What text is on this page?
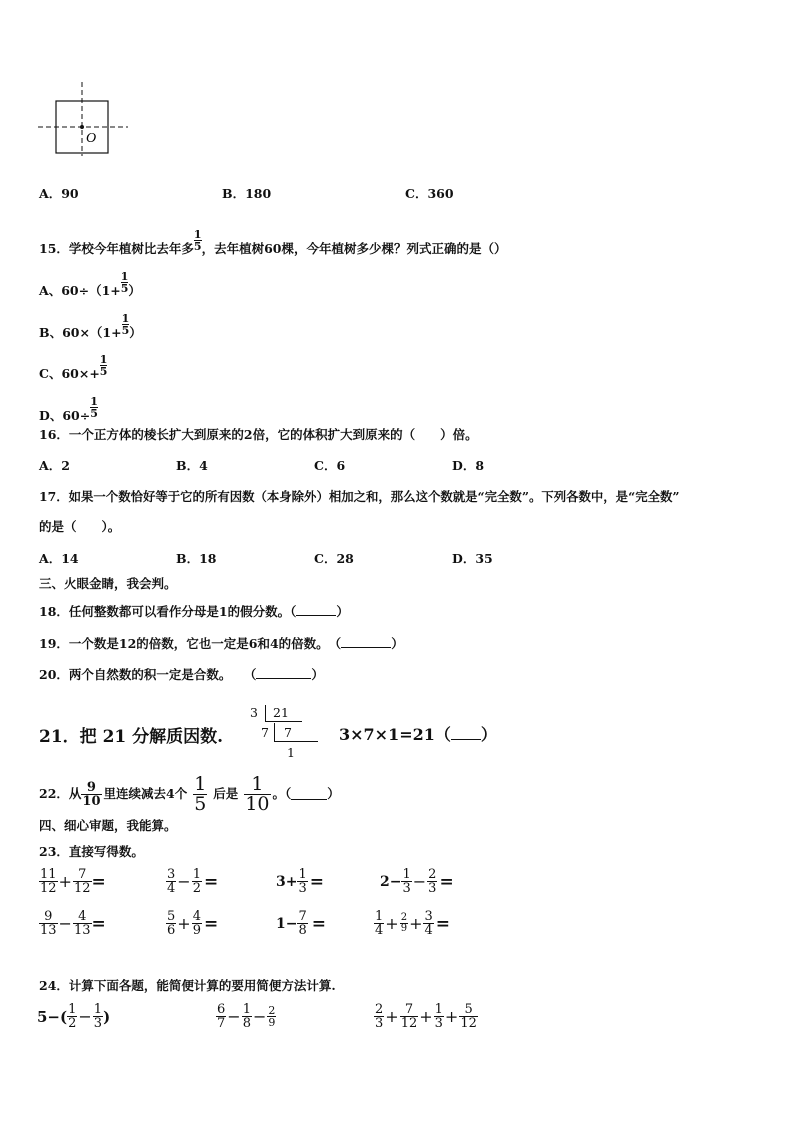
O
A．90	B．180	C．360
15．学校今年植树比去年多 $\frac{1}{5}$ ，去年植树60棵，今年植树多少棵？列式正确的是（）
A、$60\div(1+ \frac{1}{5}$ ）
B、$60\times(1+ \frac{1}{5}$ ）
C、$60\times+ \frac{1}{5}$
D、$60\div \frac{1}{5}$
16．一个正方体的棱长扩大到原来的2倍，它的体积扩大到原来的（　　）倍。
A．2	B．4	C．6	D．8
17．如果一个数恰好等于它的所有因数（本身除外）相加之和，那么这个数就是“完全数”。下列各数中，是“完全数”
的是（　　）。
A．14	B．18	C．28	D．35
三、火眼金睛，我会判。
18．任何整数都可以看作分母是1的假分数。（	）
19．一个数是12的倍数，它也一定是6和4的倍数。　（	）
20．两个自然数的积一定是合数。　　（	）
21．把 21 分解质因数.
3 21
7 7
1
3×7×1=21（ ）
22．从 $\frac{9}{10}$ 里连续减去4个 $\frac{1}{5}$ 后是 $\frac{1}{10}$ 。（	）
四、细心审题，我能算。
23．直接写得数。
$\frac{11}{12} + \frac{7}{12}$ =	$\frac{3}{4} - \frac{1}{2}$ =	$3+ \frac{1}{3}$ =	$2- \frac{1}{3} - \frac{2}{3}$ =
$\frac{9}{13} - \frac{4}{13}$ =	$\frac{5}{6} + \frac{4}{9}$ =	$1- \frac{7}{8}$ =	$\frac{1}{4} + \frac{2}{9} + \frac{3}{4}$ =
24．计算下面各题，能简便计算的要用简便方法计算.
$5-( \frac{1}{2} - \frac{1}{3}$ )	$\frac{6}{7} - \frac{1}{8} - \frac{2}{9}$	$\frac{2}{3} + \frac{7}{12} + \frac{1}{3} + \frac{5}{12}$
